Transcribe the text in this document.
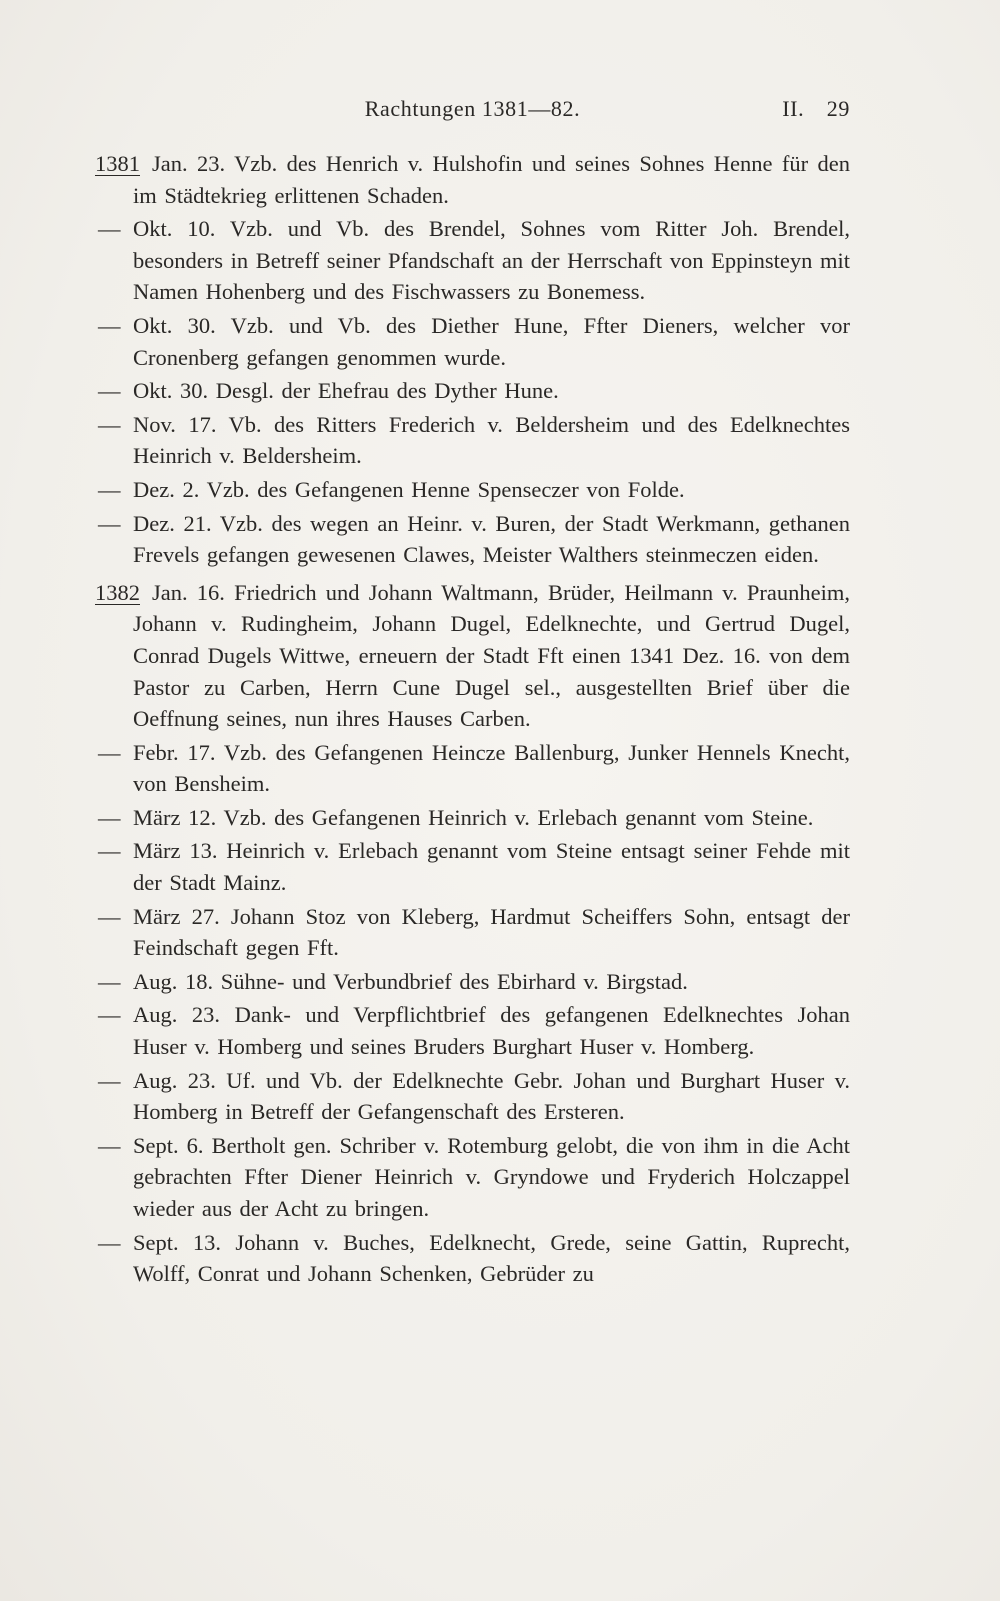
Rachtungen 1381—82.	II.  29

1381 Jan. 23. Vzb. des Henrich v. Hulshofin und seines Sohnes Henne für den im Städtekrieg erlittenen Schaden.

— Okt. 10. Vzb. und Vb. des Brendel, Sohnes vom Ritter Joh. Brendel, besonders in Betreff seiner Pfandschaft an der Herrschaft von Eppinsteyn mit Namen Hohenberg und des Fischwassers zu Bonemess.

— Okt. 30. Vzb. und Vb. des Diether Hune, Ffter Dieners, welcher vor Cronenberg gefangen genommen wurde.

— Okt. 30. Desgl. der Ehefrau des Dyther Hune.

— Nov. 17. Vb. des Ritters Frederich v. Beldersheim und des Edelknechtes Heinrich v. Beldersheim.

— Dez. 2. Vzb. des Gefangenen Henne Spenseczer von Folde.

— Dez. 21. Vzb. des wegen an Heinr. v. Buren, der Stadt Werkmann, gethanen Frevels gefangen gewesenen Clawes, Meister Walthers steinmeczen eiden.

1382 Jan. 16. Friedrich und Johann Waltmann, Brüder, Heilmann v. Praunheim, Johann v. Rudingheim, Johann Dugel, Edelknechte, und Gertrud Dugel, Conrad Dugels Wittwe, erneuern der Stadt Fft einen 1341 Dez. 16. von dem Pastor zu Carben, Herrn Cune Dugel sel., ausgestellten Brief über die Oeffnung seines, nun ihres Hauses Carben.

— Febr. 17. Vzb. des Gefangenen Heincze Ballenburg, Junker Hennels Knecht, von Bensheim.

— März 12. Vzb. des Gefangenen Heinrich v. Erlebach genannt vom Steine.

— März 13. Heinrich v. Erlebach genannt vom Steine entsagt seiner Fehde mit der Stadt Mainz.

— März 27. Johann Stoz von Kleberg, Hardmut Scheiffers Sohn, entsagt der Feindschaft gegen Fft.

— Aug. 18. Sühne- und Verbundbrief des Ebirhard v. Birgstad.

— Aug. 23. Dank- und Verpflichtbrief des gefangenen Edelknechtes Johan Huser v. Homberg und seines Bruders Burghart Huser v. Homberg.

— Aug. 23. Uf. und Vb. der Edelknechte Gebr. Johan und Burghart Huser v. Homberg in Betreff der Gefangenschaft des Ersteren.

— Sept. 6. Bertholt gen. Schriber v. Rotemburg gelobt, die von ihm in die Acht gebrachten Ffter Diener Heinrich v. Gryndowe und Fryderich Holczappel wieder aus der Acht zu bringen.

— Sept. 13. Johann v. Buches, Edelknecht, Grede, seine Gattin, Ruprecht, Wolff, Conrat und Johann Schenken, Gebrüder zu
